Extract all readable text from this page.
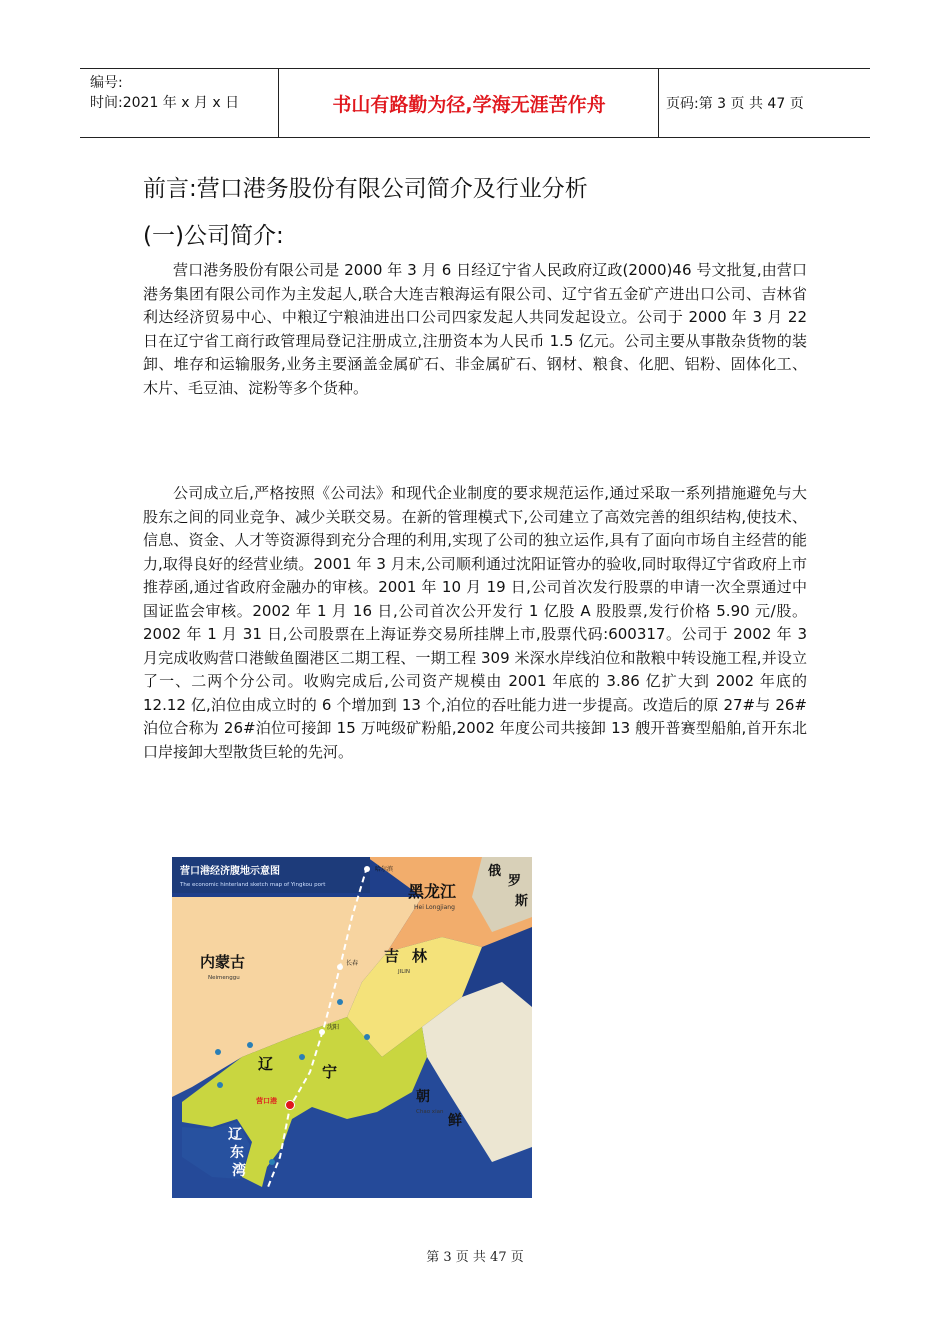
编号:
时间:2021 年 x 月 x 日	书山有路勤为径,学海无涯苦作舟	页码:第 3 页 共 47 页
前言:营口港务股份有限公司简介及行业分析
(一)公司简介:

营口港务股份有限公司是 2000 年 3 月 6 日经辽宁省人民政府辽政(2000)46 号文批复,由营口港务集团有限公司作为主发起人,联合大连吉粮海运有限公司、辽宁省五金矿产进出口公司、吉林省利达经济贸易中心、中粮辽宁粮油进出口公司四家发起人共同发起设立。公司于 2000 年 3 月 22 日在辽宁省工商行政管理局登记注册成立,注册资本为人民币 1.5 亿元。公司主要从事散杂货物的装卸、堆存和运输服务,业务主要涵盖金属矿石、非金属矿石、钢材、粮食、化肥、铝粉、固体化工、木片、毛豆油、淀粉等多个货种。

公司成立后,严格按照《公司法》和现代企业制度的要求规范运作,通过采取一系列措施避免与大股东之间的同业竞争、减少关联交易。在新的管理模式下,公司建立了高效完善的组织结构,使技术、信息、资金、人才等资源得到充分合理的利用,实现了公司的独立运作,具有了面向市场自主经营的能力,取得良好的经营业绩。2001 年 3 月末,公司顺利通过沈阳证管办的验收,同时取得辽宁省政府上市推荐函,通过省政府金融办的审核。2001 年 10 月 19 日,公司首次发行股票的申请一次全票通过中国证监会审核。2002 年 1 月 16 日,公司首次公开发行 1 亿股 A 股股票,发行价格 5.90 元/股。2002 年 1 月 31 日,公司股票在上海证券交易所挂牌上市,股票代码:600317。公司于 2002 年 3 月完成收购营口港鲅鱼圈港区二期工程、一期工程 309 米深水岸线泊位和散粮中转设施工程,并设立了一、二两个分公司。收购完成后,公司资产规模由 2001 年底的 3.86 亿扩大到 2002 年底的 12.12 亿,泊位由成立时的 6 个增加到 13 个,泊位的吞吐能力进一步提高。改造后的原 27#与 26#泊位合称为 26#泊位可接卸 15 万吨级矿粉船,2002 年度公司共接卸 13 艘开普赛型船舶,首开东北口岸接卸大型散货巨轮的先河。

营口港经济腹地示意图
The economic hinterland sketch map of Yingkou port
哈尔滨
长春
沈阳
黑龙江
Hei Longjiang
俄
罗
斯
吉 林
JILIN
内蒙古
Neimenggu
辽	宁
朝
鲜
Chao xian
营口港
辽
东
湾
第 3 页 共 47 页
